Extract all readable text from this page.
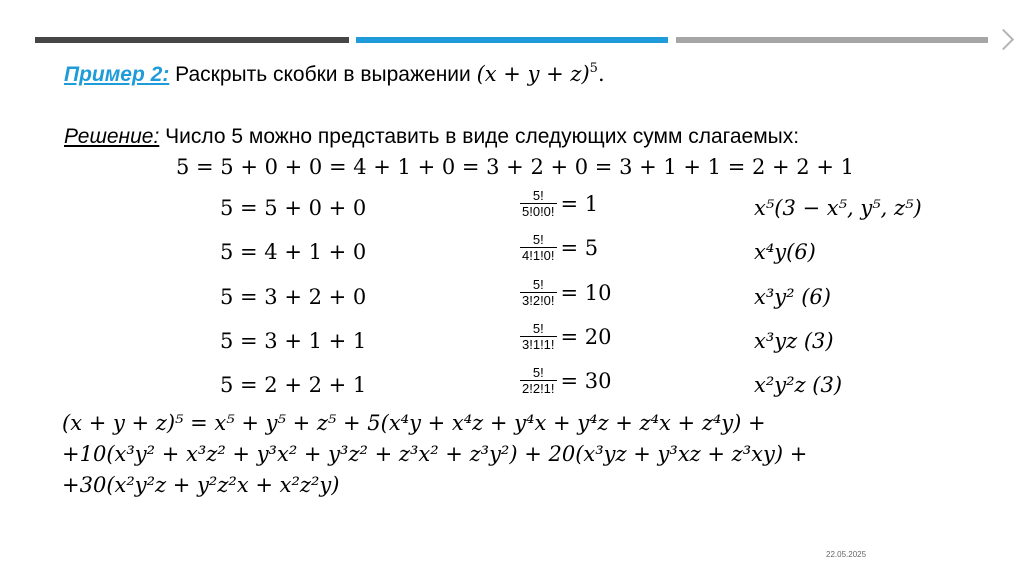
Пример 2: Раскрыть скобки в выражении $(x + y + z)^5$.
Решение: Число 5 можно представить в виде следующих сумм слагаемых:
5 = 5 + 0 + 0 = 4 + 1 + 0 = 3 + 2 + 0 = 3 + 1 + 1 = 2 + 2 + 1
5 = 5 + 0 + 0	$\frac{5!}{5!0!0!} = 1$	x⁵(3 − x⁵, y⁵, z⁵)
5 = 4 + 1 + 0	$\frac{5!}{4!1!0!} = 5$	x⁴y(6)
5 = 3 + 2 + 0	$\frac{5!}{3!2!0!} = 10$	x³y² (6)
5 = 3 + 1 + 1	$\frac{5!}{3!1!1!} = 20$	x³yz (3)
5 = 2 + 2 + 1	$\frac{5!}{2!2!1!} = 30$	x²y²z (3)
(x + y + z)⁵ = x⁵ + y⁵ + z⁵ + 5(x⁴y + x⁴z + y⁴x + y⁴z + z⁴x + z⁴y) +
+10(x³y² + x³z² + y³x² + y³z² + z³x² + z³y²) + 20(x³yz + y³xz + z³xy) +
+30(x²y²z + y²z²x + x²z²y)
22.05.2025
